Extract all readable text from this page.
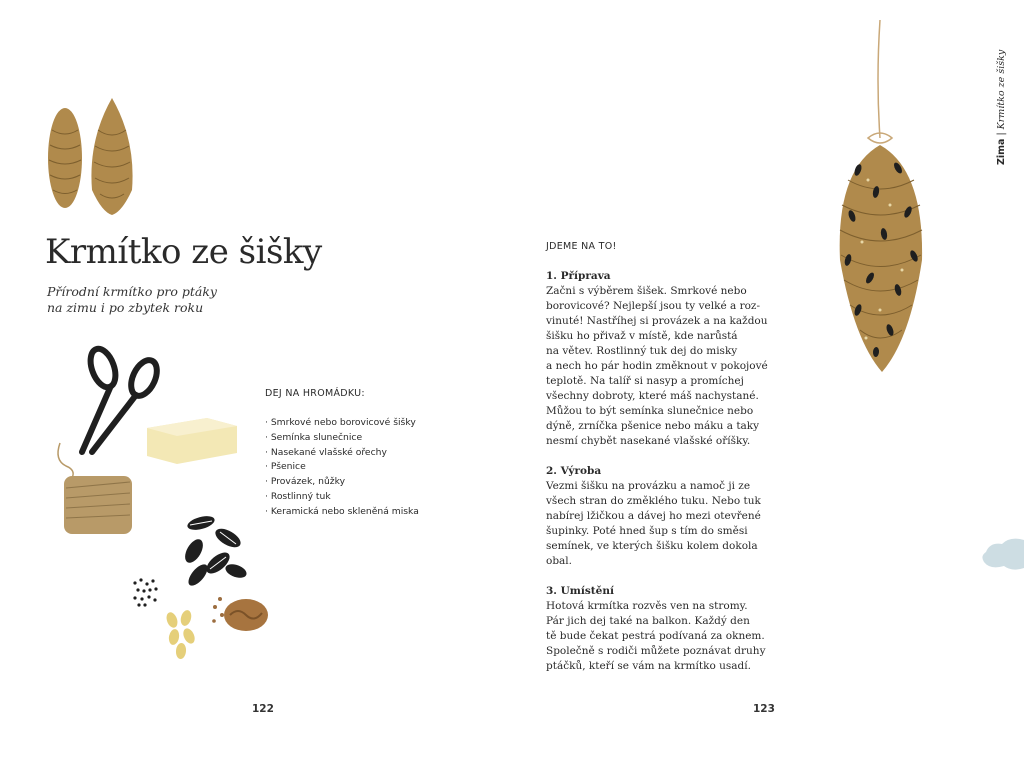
Krmítko ze šišky

Přírodní krmítko pro ptáky
na zimu i po zbytek roku

DEJ NA HROMÁDKU:
· Smrkové nebo borovicové šišky
· Semínka slunečnice
· Nasekané vlašské ořechy
· Pšenice
· Provázek, nůžky
· Rostlinný tuk
· Keramická nebo skleněná miska
122
JDEME NA TO!

1. Příprava

Začni s výběrem šišek. Smrkové nebo
borovicové? Nejlepší jsou ty velké a roz-
vinuté! Nastříhej si provázek a na každou
šišku ho přivaž v místě, kde narůstá
na větev. Rostlinný tuk dej do misky
a nech ho pár hodin změknout v pokojové
teplotě. Na talíř si nasyp a promíchej
všechny dobroty, které máš nachystané.
Můžou to být semínka slunečnice nebo
dýně, zrníčka pšenice nebo máku a taky
nesmí chybět nasekané vlašské oříšky.

2. Výroba

Vezmi šišku na provázku a namoč ji ze
všech stran do změklého tuku. Nebo tuk
nabírej lžičkou a dávej ho mezi otevřené
šupinky. Poté hned šup s tím do směsi
semínek, ve kterých šišku kolem dokola
obal.

3. Umístění

Hotová krmítka rozvěs ven na stromy.
Pár jich dej také na balkon. Každý den
tě bude čekat pestrá podívaná za oknem.
Společně s rodiči můžete poznávat druhy
ptáčků, kteří se vám na krmítko usadí.
Zima|Krmítko ze šišky
123
